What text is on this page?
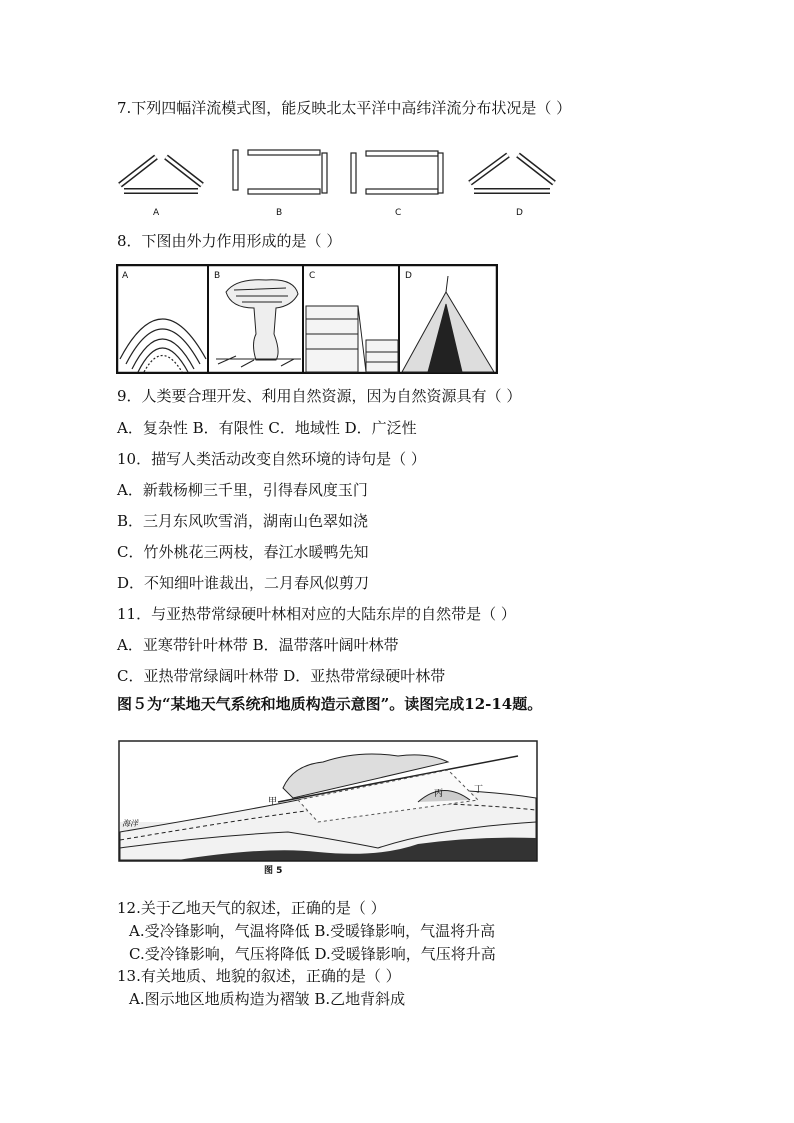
7.下列四幅洋流模式图，能反映北太平洋中高纬洋流分布状况是（ ）
A	B	C	D
8．下图由外力作用形成的是（ ）
A	B	C	D
9．人类要合理开发、利用自然资源，因为自然资源具有（ ）
A．复杂性 B．有限性 C．地域性 D．广泛性
10．描写人类活动改变自然环境的诗句是（ ）
A．新载杨柳三千里，引得春风度玉门
B．三月东风吹雪消，湖南山色翠如浇
C．竹外桃花三两枝，春江水暖鸭先知
D．不知细叶谁裁出，二月春风似剪刀
11．与亚热带常绿硬叶林相对应的大陆东岸的自然带是（ ）
A．亚寒带针叶林带 B．温带落叶阔叶林带
C．亚热带常绿阔叶林带 D．亚热带常绿硬叶林带
图５为“某地天气系统和地质构造示意图”。读图完成12-14题。
甲
海洋
丙	丁
图 5
12.关于乙地天气的叙述，正确的是（ ）
A.受冷锋影响，气温将降低 B.受暖锋影响，气温将升高
C.受冷锋影响，气压将降低 D.受暖锋影响，气压将升高
13.有关地质、地貌的叙述，正确的是（ ）
A.图示地区地质构造为褶皱 B.乙地背斜成
